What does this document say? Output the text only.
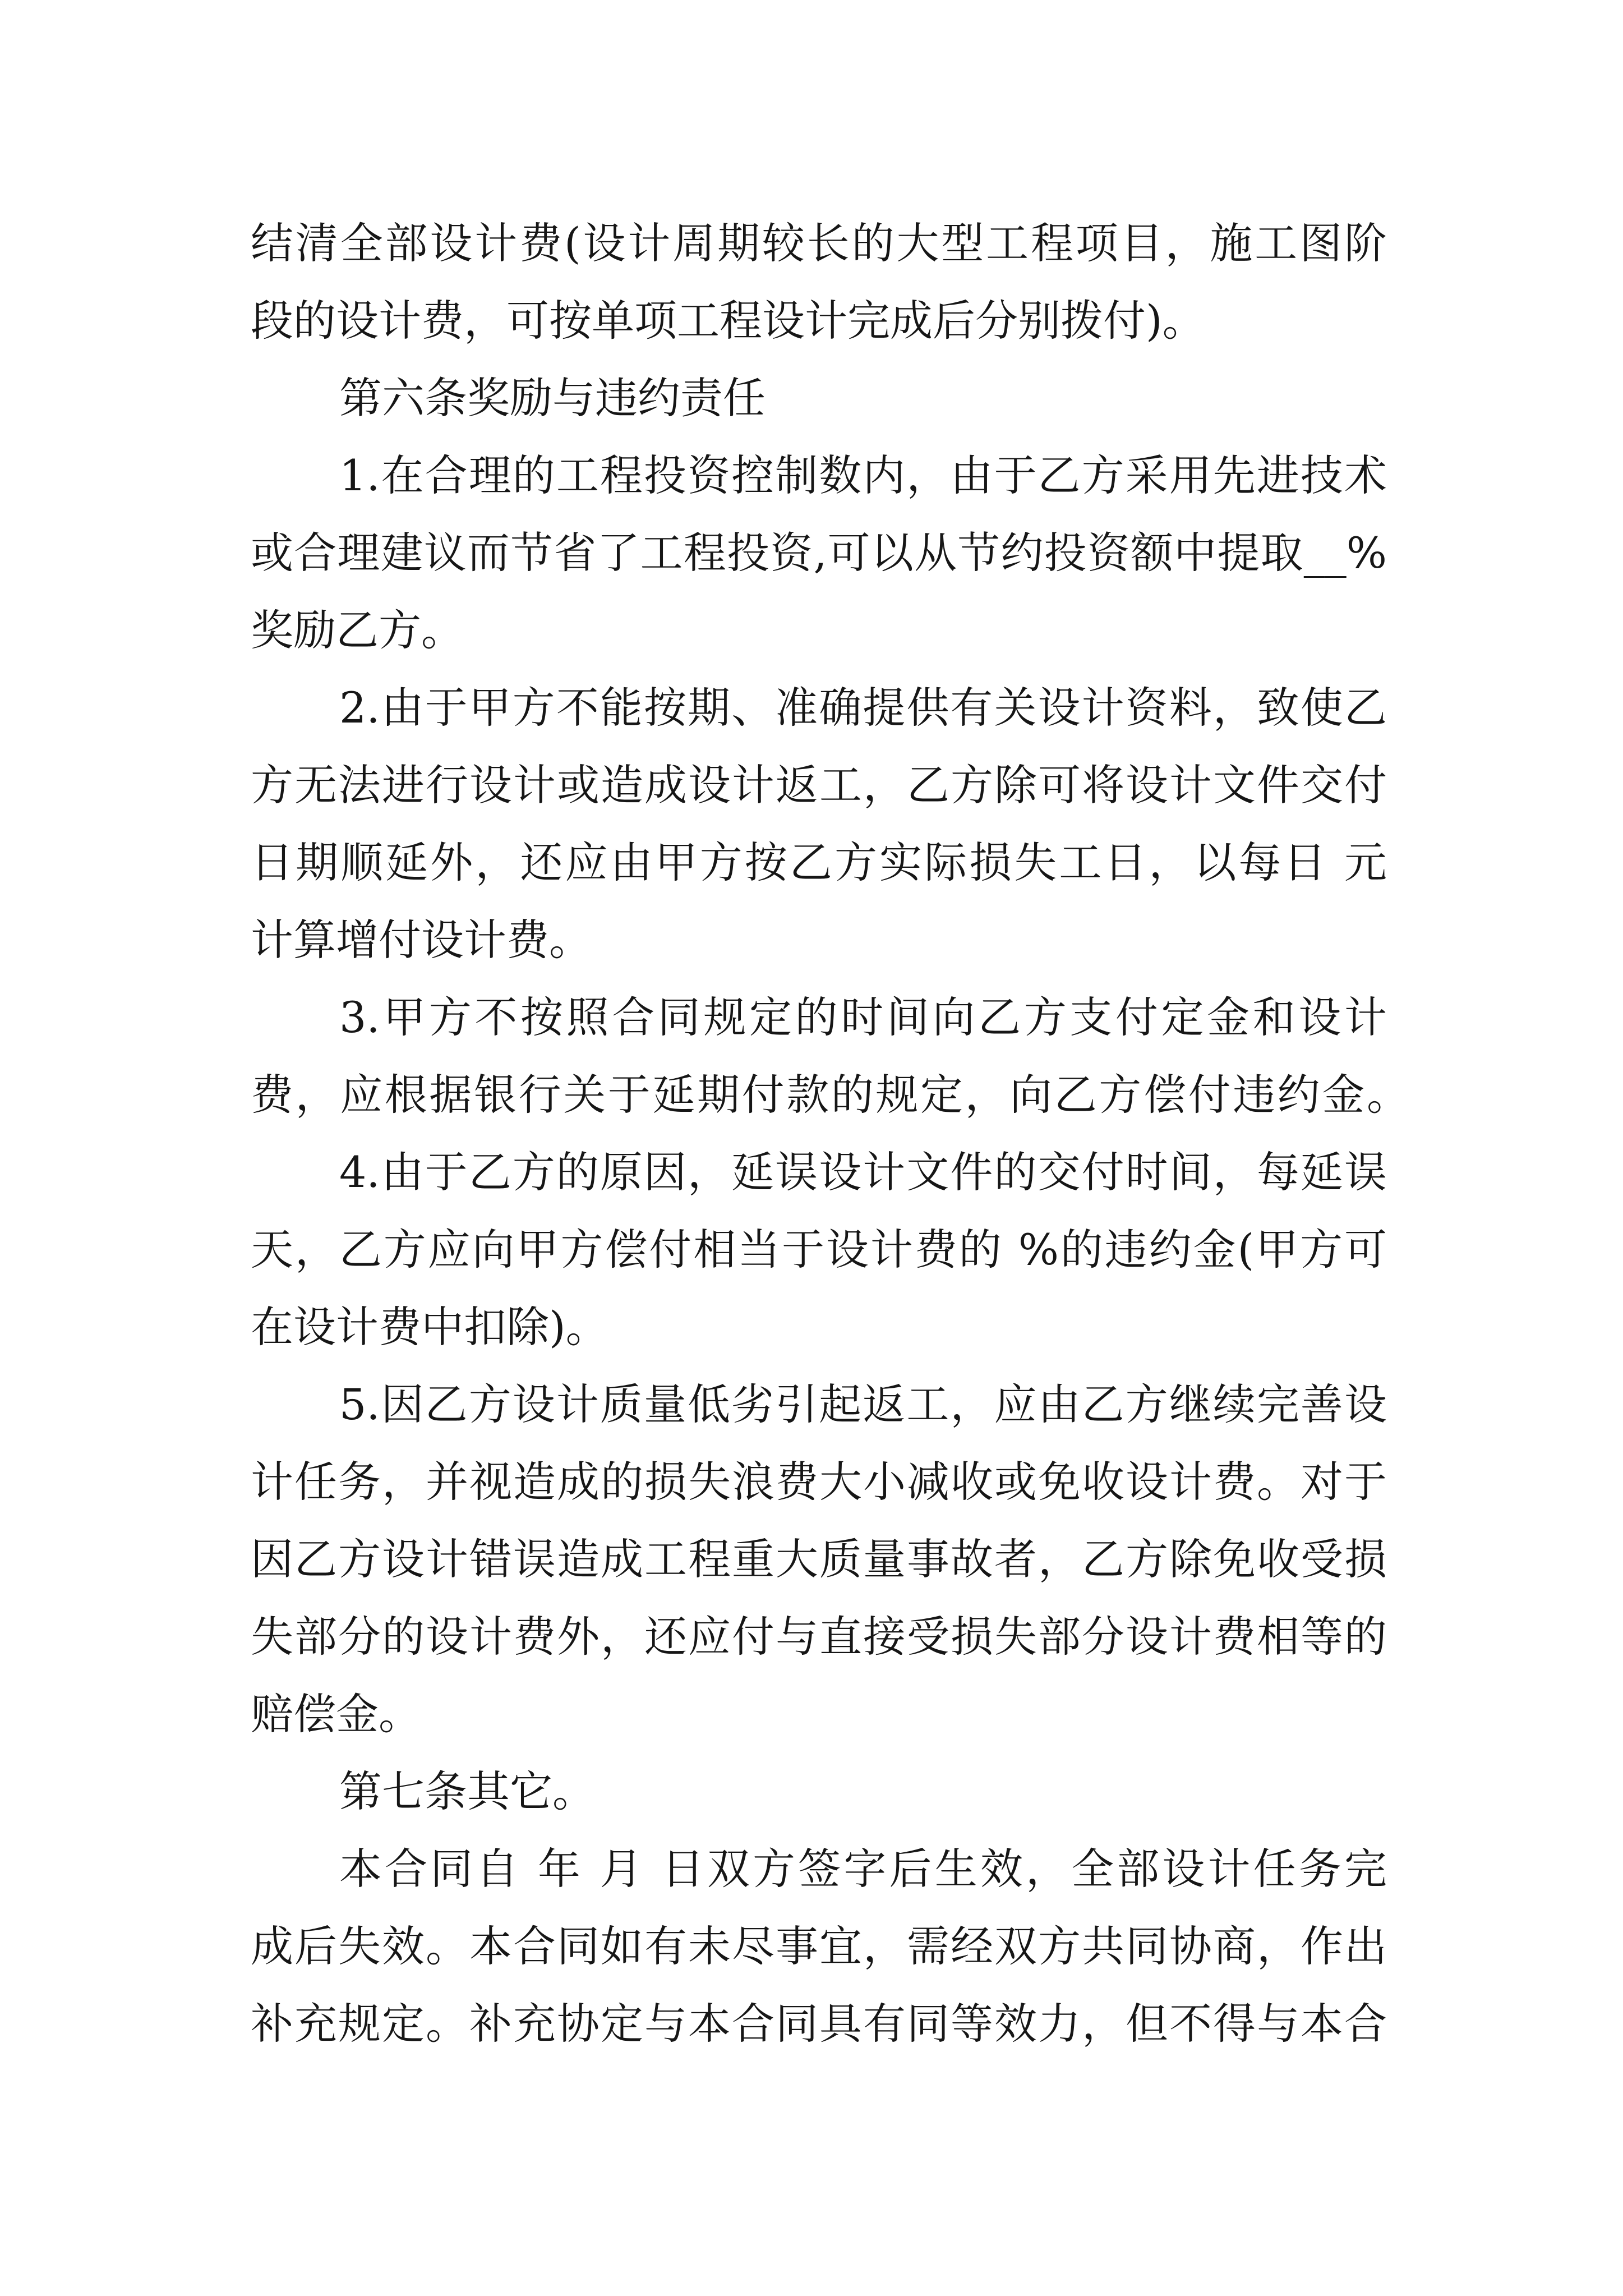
结清全部设计费(设计周期较长的大型工程项目，施工图阶
段的设计费，可按单项工程设计完成后分别拨付)。
第六条奖励与违约责任
1.在合理的工程投资控制数内，由于乙方采用先进技术
或合理建议而节省了工程投资,可以从节约投资额中提取__%
奖励乙方。
2.由于甲方不能按期、准确提供有关设计资料，致使乙
方无法进行设计或造成设计返工，乙方除可将设计文件交付
日期顺延外，还应由甲方按乙方实际损失工日，以每日 元
计算增付设计费。
3.甲方不按照合同规定的时间向乙方支付定金和设计
费，应根据银行关于延期付款的规定，向乙方偿付违约金。
4.由于乙方的原因，延误设计文件的交付时间，每延误
天，乙方应向甲方偿付相当于设计费的 %的违约金(甲方可
在设计费中扣除)。
5.因乙方设计质量低劣引起返工，应由乙方继续完善设
计任务，并视造成的损失浪费大小减收或免收设计费。对于
因乙方设计错误造成工程重大质量事故者，乙方除免收受损
失部分的设计费外，还应付与直接受损失部分设计费相等的
赔偿金。
第七条其它。
本合同自 年 月 日双方签字后生效，全部设计任务完
成后失效。本合同如有未尽事宜，需经双方共同协商，作出
补充规定。补充协定与本合同具有同等效力，但不得与本合
